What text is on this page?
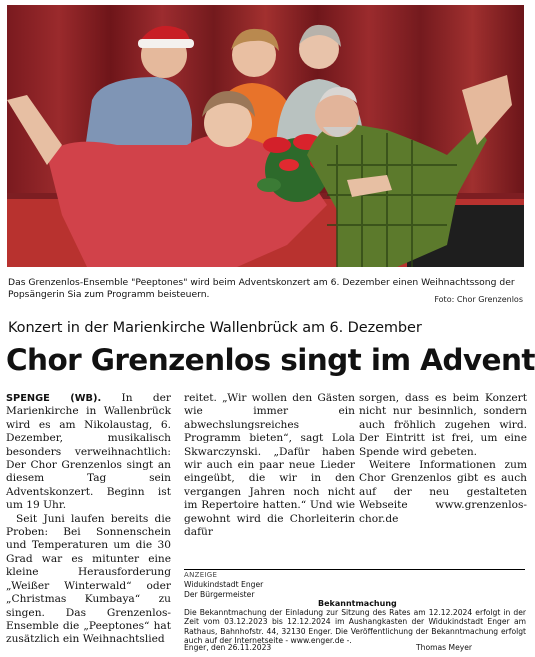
Das Grenzenlos-Ensemble "Peeptones" wird beim Adventskonzert am 6. Dezember einen Weihnachtssong der Popsängerin Sia zum Programm beisteuern.	Foto: Chor Grenzenlos
Konzert in der Marienkirche Wallenbrück am 6. Dezember
Chor Grenzenlos singt im Advent

SPENGE (WB). In der Marienkirche in Wallenbrück wird es am Nikolaustag, 6. Dezember, musikalisch besonders verweihnachtlich: Der Chor Grenzenlos singt an diesem Tag sein Adventskonzert. Beginn ist um 19 Uhr.

Seit Juni laufen bereits die Proben: Bei Sonnenschein und Temperaturen um die 30 Grad war es mitunter eine kleine Herausforderung „Weißer Winterwald“ oder „Christmas Kumbaya“ zu singen. Das Grenzenlos-Ensemble die „Peeptones“ hat zusätzlich ein Weihnachtslied

reitet. „Wir wollen den Gästen wie immer ein abwechslungsreiches Programm bieten“, sagt Lola Skwarczynski. „Dafür haben wir auch ein paar neue Lieder eingeübt, die wir in den vergangen Jahren noch nicht im Repertoire hatten.“ Und wie gewohnt wird die Chorleiterin dafür

sorgen, dass es beim Konzert nicht nur besinnlich, sondern auch fröhlich zugehen wird. Der Eintritt ist frei, um eine Spende wird gebeten.

Weitere Informationen zum Chor Grenzenlos gibt es auch auf der neu gestalteten Webseite www.grenzenlos-chor.de

ANZEIGE
Widukindstadt Enger
Der Bürgermeister
Bekanntmachung
Die Bekanntmachung der Einladung zur Sitzung des Rates am 12.12.2024 erfolgt in der Zeit vom 03.12.2023 bis 12.12.2024 im Aushangkasten der Widukindstadt Enger am Rathaus, Bahnhofstr. 44, 32130 Enger. Die Veröffentlichung der Bekanntmachung erfolgt auch auf der Internetseite - www.enger.de -.
Enger, den 26.11.2023	Thomas Meyer
